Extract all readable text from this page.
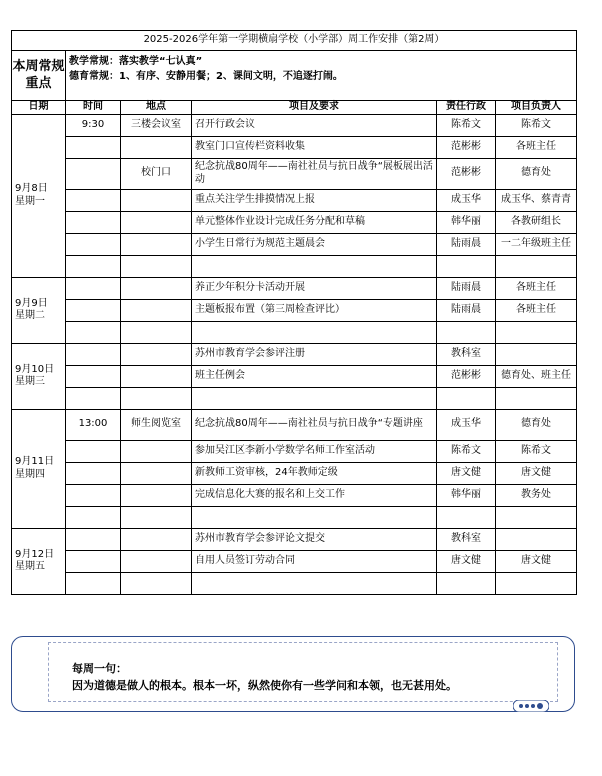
2025-2026学年第一学期横扇学校（小学部）周工作安排（第2周）					
本周常规重点	教学常规：落实教学“七认真”
德育常规：1、有序、安静用餐；2、课间文明，不追逐打闹。				

日期	时间	地点	项目及要求	责任行政	项目负责人

9月8日
星期一	9:30	三楼会议室	召开行政会议	陈希文	陈希文
			教室门口宣传栏资料收集	范彬彬	各班主任
		校门口	纪念抗战80周年——南社社员与抗日战争“展板展出活动	范彬彬	德育处
			重点关注学生排摸情况上报	成玉华	成玉华、蔡青青
			单元整体作业设计完成任务分配和草稿	韩华丽	各教研组长
			小学生日常行为规范主题晨会	陆雨晨	一二年级班主任

9月9日
星期二			养正少年积分卡活动开展	陆雨晨	各班主任
			主题板报布置（第三周检查评比）	陆雨晨	各班主任

9月10日
星期三			苏州市教育学会参评注册	教科室	
			班主任例会	范彬彬	德育处、班主任

9月11日
星期四	13:00	师生阅览室	纪念抗战80周年——南社社员与抗日战争“专题讲座	成玉华	德育处
			参加吴江区李新小学数学名师工作室活动	陈希文	陈希文
			新教师工资审核，24年教师定级	唐文健	唐文健
			完成信息化大赛的报名和上交工作	韩华丽	教务处

9月12日
星期五			苏州市教育学会参评论文提交	教科室	
			自用人员签订劳动合同	唐文健	唐文健

每周一句：
因为道德是做人的根本。根本一坏，纵然使你有一些学问和本领，也无甚用处。
